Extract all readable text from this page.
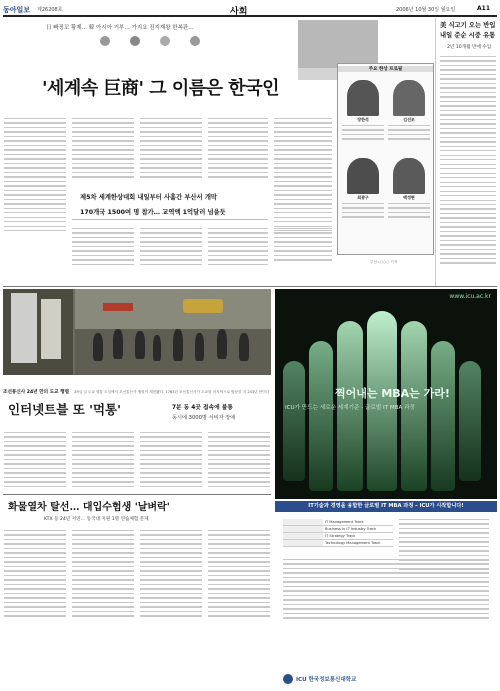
동아일보 제26208호	사회	2006년 10월 30일 월요일	A11
日 빠징꼬 황제… 韓 아시아 거부… 가지요 진지재왕 한복판…
'세계속 巨商' 그 이름은 한국인
제5차 세계한상대회 내일부터 사흘간 부산서 개막
170개국 1500여 명 참가… 교역액 1억달러 넘을듯
주요 한상 프로필
장한석	김선조
최광구	백정현
부산=○○○ 기자
美 식고기 오는 반입
내일 준순 시중 유통
2년 10개월 만에 수입
조선통신사 24년 만의 도교 행렬 29일 일 도쿄 열통 도심에서 조선통신사 행렬이 재현됐다. 1763년 조선통신사가 도쿄를 마지막으로 방문한 지 243년 만이다
인터넷트블 또 '먹통'	7분 동 4곳 접속에 불통
동시에 3000명 서비자 장애
화물열차 탈선… 대입수험생 '날벼락'
KTX 등 24년 저연… 동국대 지원 1명 연습체험 문제
www.icu.ac.kr
찍어내는 MBA는 가라!
ICU가 만드는 새로운 세계기준 - 글로벌 IT MBA 과정
IT기술과 경영을 융합한 글로벌 IT MBA 과정 – ICU가 시작합니다!
IT Management Track
Business in IT Industry Track
IT Strategy Track
Technology Management Track
ICU 한국정보통신대학교
